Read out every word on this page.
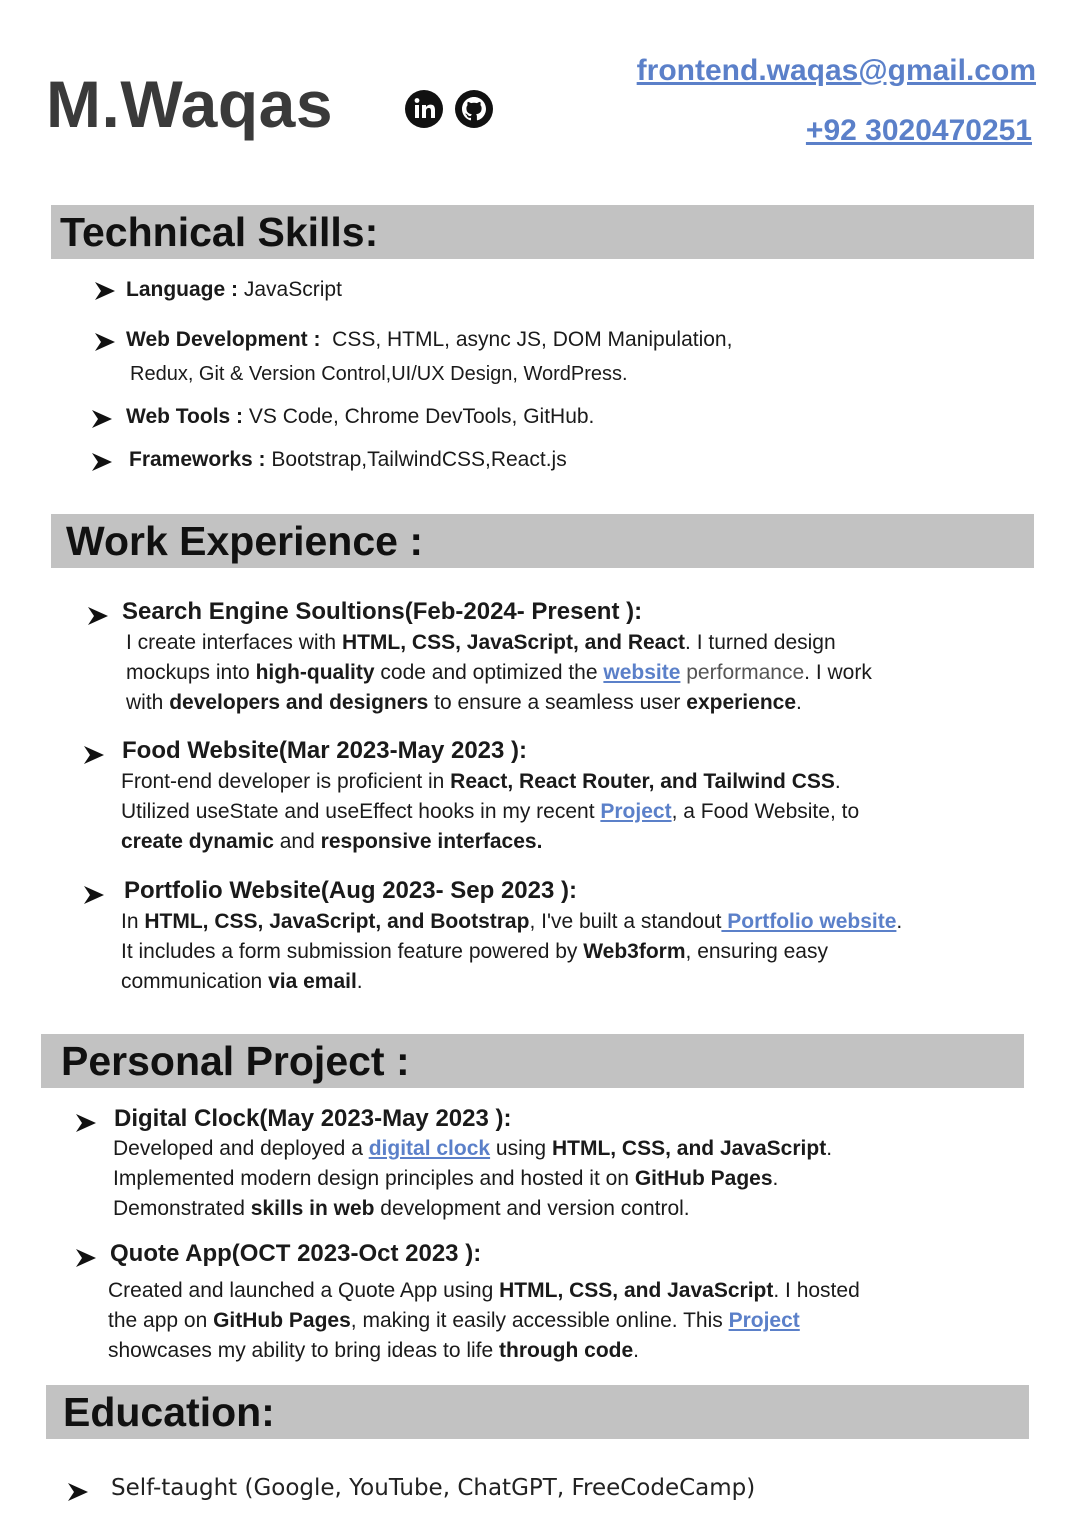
M.Waqas	frontend.waqas@gmail.com
+92 3020470251
Technical Skills:
Language : JavaScript
Web Development : CSS, HTML, async JS, DOM Manipulation,
Redux, Git & Version Control,UI/UX Design, WordPress.
Web Tools : VS Code, Chrome DevTools, GitHub.
Frameworks : Bootstrap,TailwindCSS,React.js
Work Experience :
Search Engine Soultions(Feb-2024- Present ):
I create interfaces with HTML, CSS, JavaScript, and React. I turned design
mockups into high-quality code and optimized the website performance. I work
with developers and designers to ensure a seamless user experience.
Food Website(Mar 2023-May 2023 ):
Front-end developer is proficient in React, React Router, and Tailwind CSS.
Utilized useState and useEffect hooks in my recent Project, a Food Website, to
create dynamic and responsive interfaces.
Portfolio Website(Aug 2023- Sep 2023 ):
In HTML, CSS, JavaScript, and Bootstrap, I've built a standout Portfolio website.
It includes a form submission feature powered by Web3form, ensuring easy
communication via email.
Personal Project :
Digital Clock(May 2023-May 2023 ):
Developed and deployed a digital clock using HTML, CSS, and JavaScript.
Implemented modern design principles and hosted it on GitHub Pages.
Demonstrated skills in web development and version control.
Quote App(OCT 2023-Oct 2023 ):
Created and launched a Quote App using HTML, CSS, and JavaScript. I hosted
the app on GitHub Pages, making it easily accessible online. This Project
showcases my ability to bring ideas to life through code.
Education:
Self-taught (Google, YouTube, ChatGPT, FreeCodeCamp)
